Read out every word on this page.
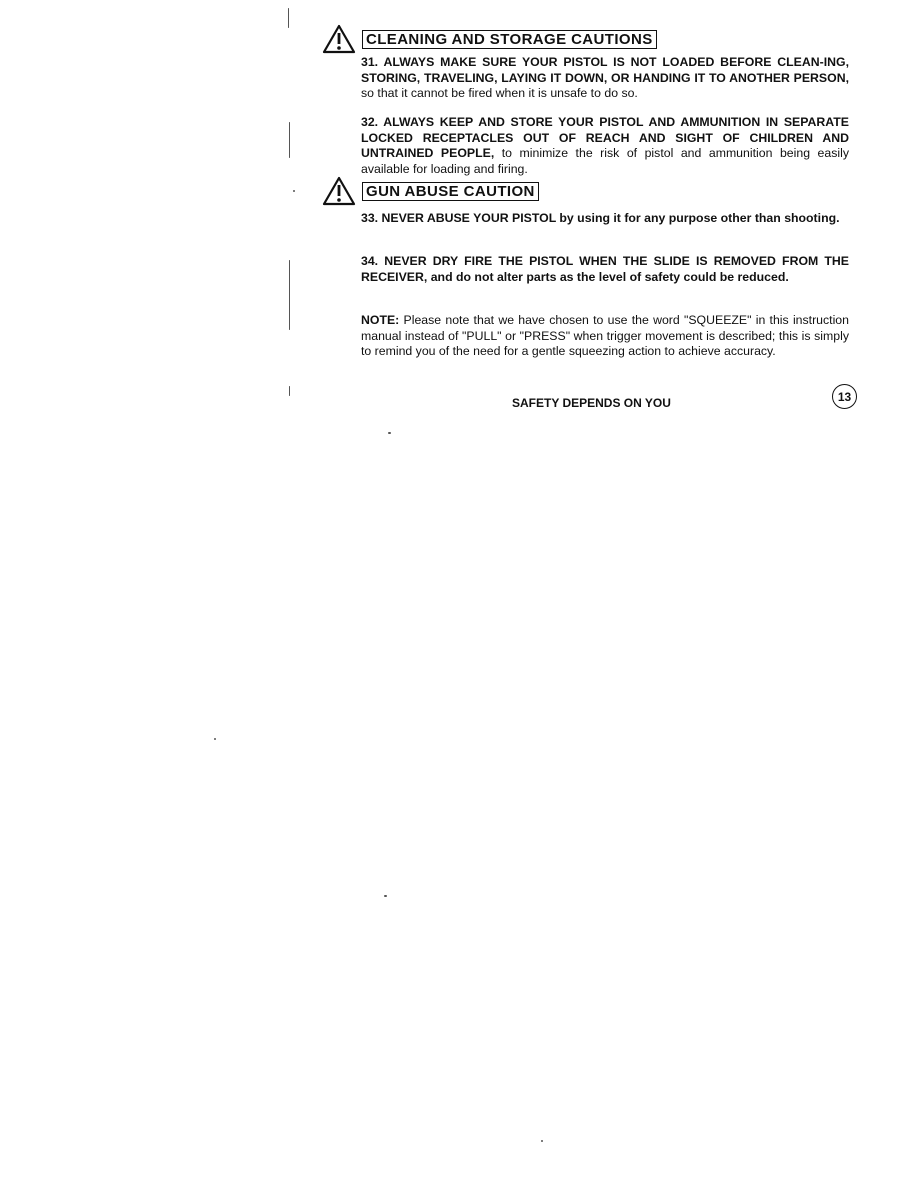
CLEANING AND STORAGE CAUTIONS

31. ALWAYS MAKE SURE YOUR PISTOL IS NOT LOADED BEFORE CLEAN-ING, STORING, TRAVELING, LAYING IT DOWN, OR HANDING IT TO ANOTHER PERSON, so that it cannot be fired when it is unsafe to do so.

32. ALWAYS KEEP AND STORE YOUR PISTOL AND AMMUNITION IN SEPARATE LOCKED RECEPTACLES OUT OF REACH AND SIGHT OF CHILDREN AND UNTRAINED PEOPLE, to minimize the risk of pistol and ammunition being easily available for loading and firing.

GUN ABUSE CAUTION

33. NEVER ABUSE YOUR PISTOL by using it for any purpose other than shooting.

34. NEVER DRY FIRE THE PISTOL WHEN THE SLIDE IS REMOVED FROM THE RECEIVER, and do not alter parts as the level of safety could be reduced.

NOTE: Please note that we have chosen to use the word "SQUEEZE" in this instruction manual instead of "PULL" or "PRESS" when trigger movement is described; this is simply to remind you of the need for a gentle squeezing action to achieve accuracy.

SAFETY DEPENDS ON YOU	13
